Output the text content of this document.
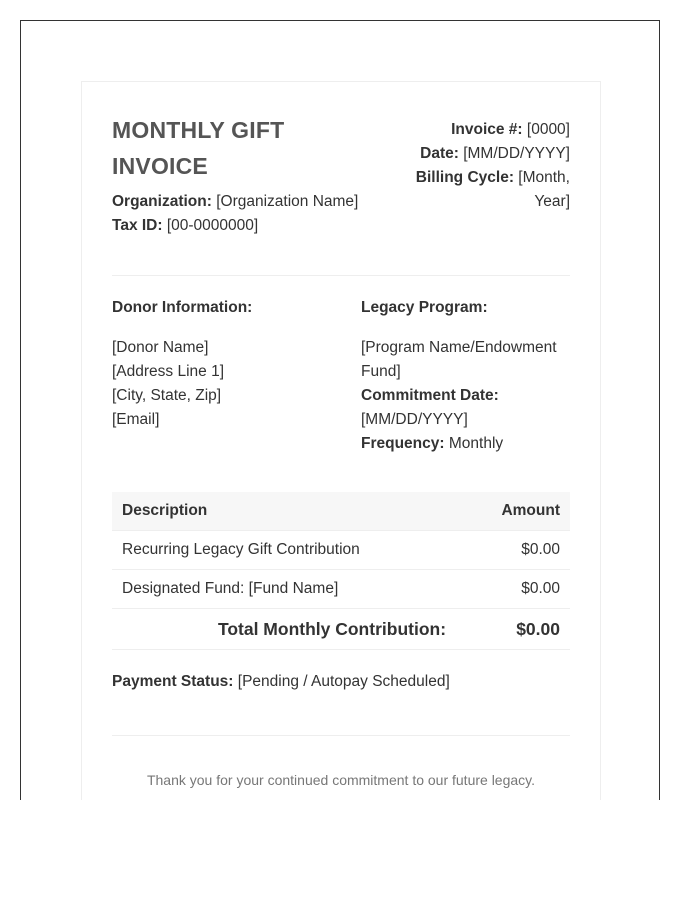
MONTHLY GIFT
INVOICE
Organization: [Organization Name]
Tax ID: [00-0000000]
Invoice #: [0000]
Date: [MM/DD/YYYY]
Billing Cycle: [Month, Year]
Donor Information:
[Donor Name]
[Address Line 1]
[City, State, Zip]
[Email]
Legacy Program:
[Program Name/Endowment Fund]
Commitment Date:
[MM/DD/YYYY]
Frequency: Monthly
Description	Amount
Recurring Legacy Gift Contribution	$0.00
Designated Fund: [Fund Name]	$0.00
Total Monthly Contribution:	$0.00
Payment Status: [Pending / Autopay Scheduled]
Thank you for your continued commitment to our future legacy.
